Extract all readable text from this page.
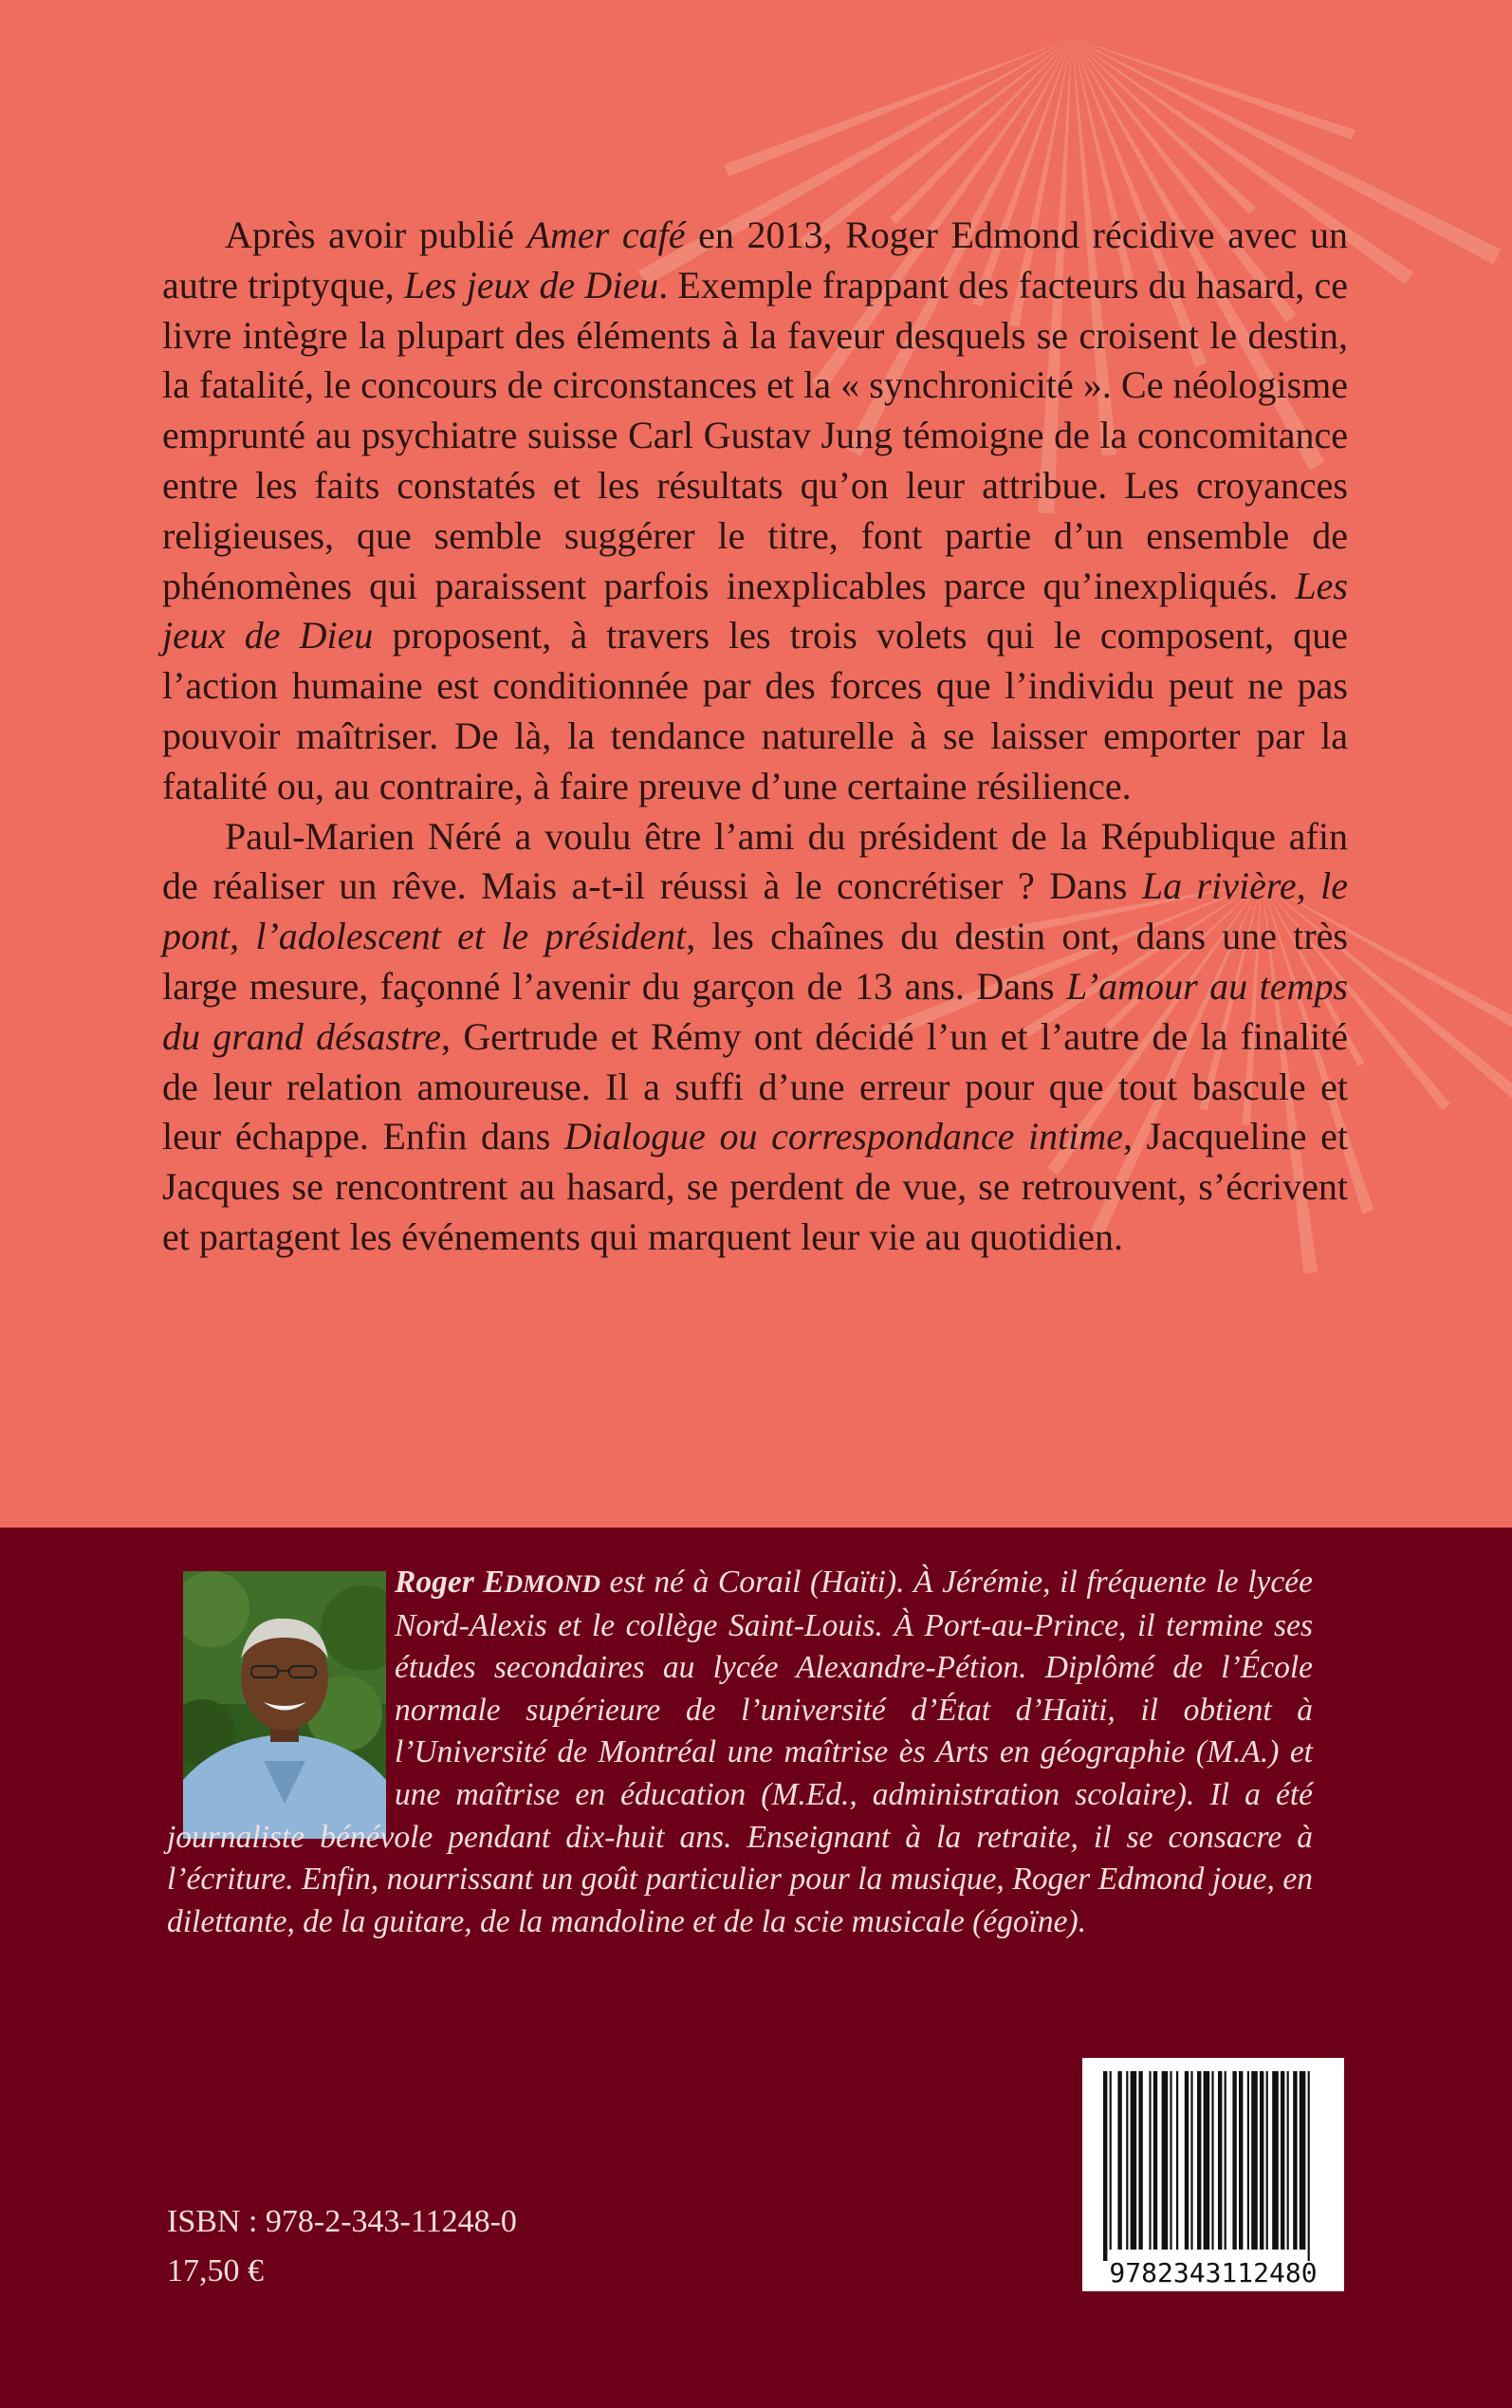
Après avoir publié Amer café en 2013, Roger Edmond récidive avec un autre triptyque, Les jeux de Dieu. Exemple frappant des facteurs du hasard, ce livre intègre la plupart des éléments à la faveur desquels se croisent le destin, la fatalité, le concours de circonstances et la « synchronicité ». Ce néologisme emprunté au psychiatre suisse Carl Gustav Jung témoigne de la concomitance entre les faits constatés et les résultats qu’on leur attribue. Les croyances religieuses, que semble suggérer le titre, font partie d’un ensemble de phénomènes qui paraissent parfois inexplicables parce qu’inexpliqués. Les jeux de Dieu proposent, à travers les trois volets qui le composent, que l’action humaine est conditionnée par des forces que l’individu peut ne pas pouvoir maîtriser. De là, la tendance naturelle à se laisser emporter par la fatalité ou, au contraire, à faire preuve d’une certaine résilience.

Paul-Marien Néré a voulu être l’ami du président de la République afin de réaliser un rêve. Mais a-t-il réussi à le concrétiser ? Dans La rivière, le pont, l’adolescent et le président, les chaînes du destin ont, dans une très large mesure, façonné l’avenir du garçon de 13 ans. Dans L’amour au temps du grand désastre, Gertrude et Rémy ont décidé l’un et l’autre de la finalité de leur relation amoureuse. Il a suffi d’une erreur pour que tout bascule et leur échappe. Enfin dans Dialogue ou correspondance intime, Jacqueline et Jacques se rencontrent au hasard, se perdent de vue, se retrouvent, s’écrivent et partagent les événements qui marquent leur vie au quotidien.

Roger EDMOND est né à Corail (Haïti). À Jérémie, il fréquente le lycée Nord-Alexis et le collège Saint-Louis. À Port-au-Prince, il termine ses études secondaires au lycée Alexandre-Pétion. Diplômé de l’École normale supérieure de l’université d’État d’Haïti, il obtient à l’Université de Montréal une maîtrise ès Arts en géographie (M.A.) et une maîtrise en éducation (M.Ed., administration scolaire). Il a été journaliste bénévole pendant dix-huit ans. Enseignant à la retraite, il se consacre à l’écriture. Enfin, nourrissant un goût particulier pour la musique, Roger Edmond joue, en dilettante, de la guitare, de la mandoline et de la scie musicale (égoïne).
ISBN : 978-2-343-11248-0
17,50 €	9782343112480
